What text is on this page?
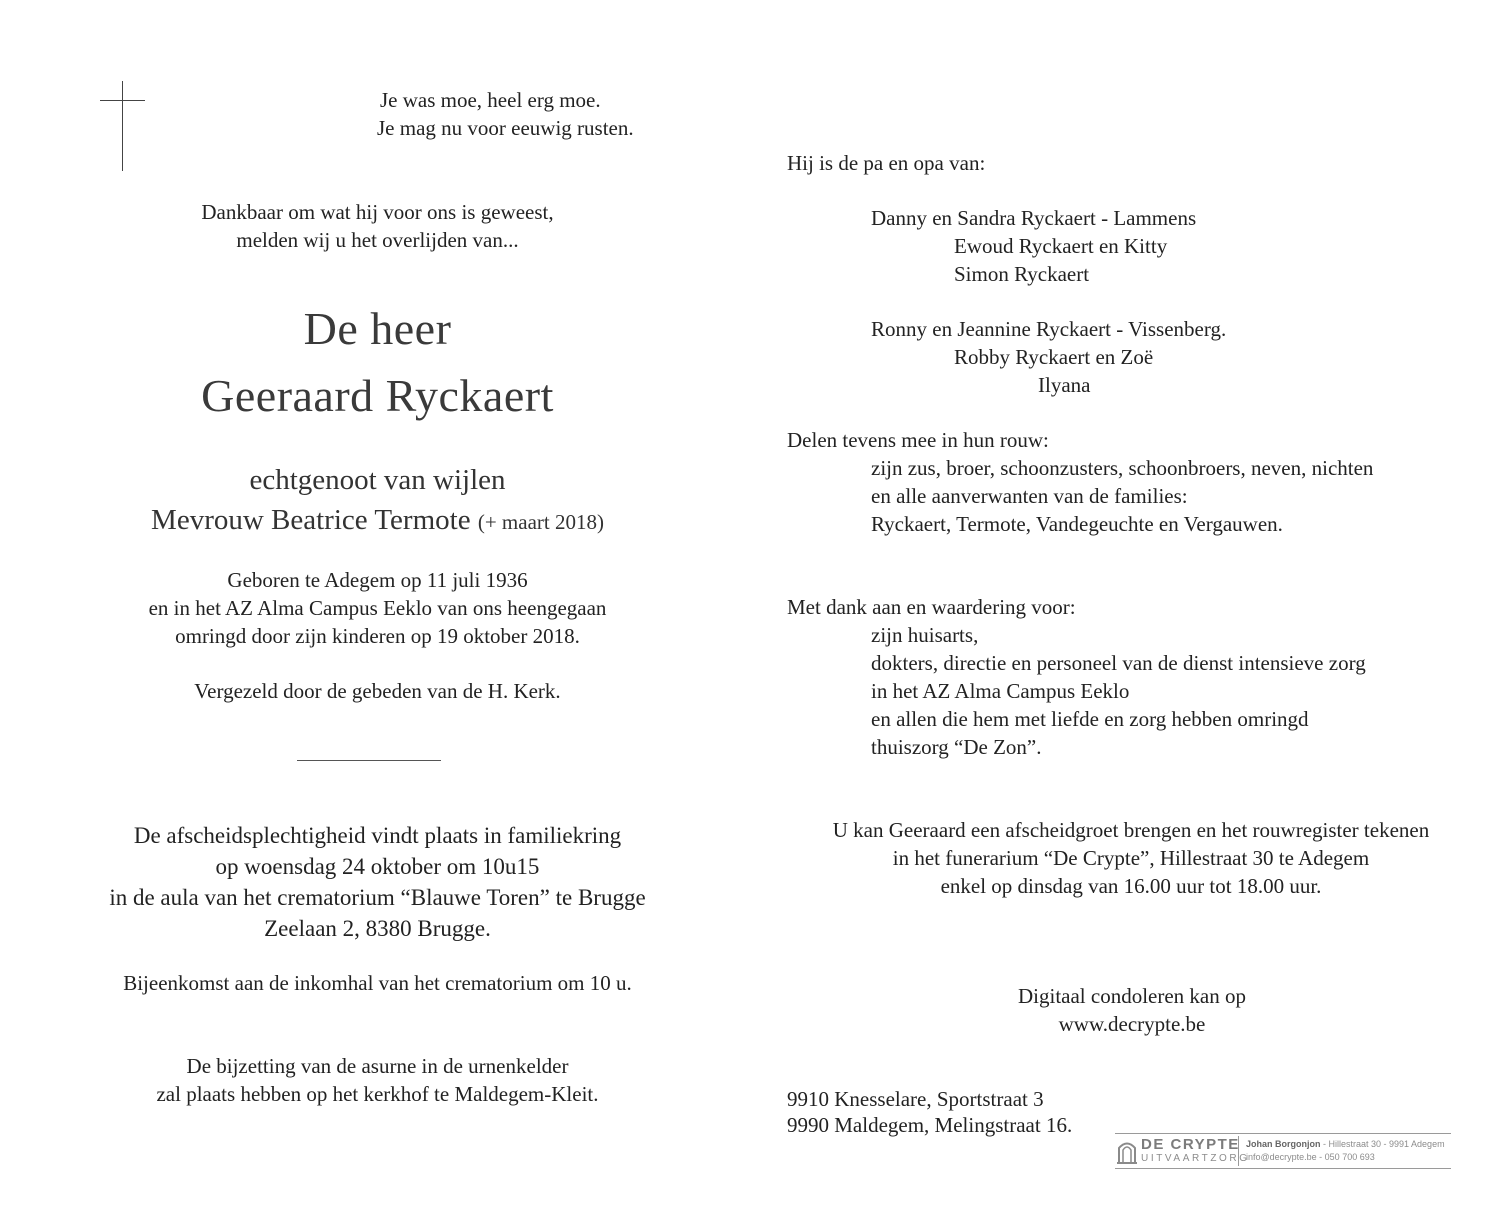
Je was moe, heel erg moe.
Je mag nu voor eeuwig rusten.
Dankbaar om wat hij voor ons is geweest,
melden wij u het overlijden van...
De heer
Geeraard Ryckaert
echtgenoot van wijlen
Mevrouw Beatrice Termote (+ maart 2018)
Geboren te Adegem op 11 juli 1936
en in het AZ Alma Campus Eeklo van ons heengegaan
omringd door zijn kinderen op 19 oktober 2018.
Vergezeld door de gebeden van de H. Kerk.
De afscheidsplechtigheid vindt plaats in familiekring
op woensdag 24 oktober om 10u15
in de aula van het crematorium “Blauwe Toren” te Brugge
Zeelaan 2, 8380 Brugge.
Bijeenkomst aan de inkomhal van het crematorium om 10 u.
De bijzetting van de asurne in de urnenkelder
zal plaats hebben op het kerkhof te Maldegem-Kleit.
Hij is de pa en opa van:
Danny en Sandra Ryckaert - Lammens
Ewoud Ryckaert en Kitty
Simon Ryckaert
Ronny en Jeannine Ryckaert - Vissenberg.
Robby Ryckaert en Zoë
Ilyana
Delen tevens mee in hun rouw:
zijn zus, broer, schoonzusters, schoonbroers, neven, nichten
en alle aanverwanten van de families:
Ryckaert, Termote, Vandegeuchte en Vergauwen.
Met dank aan en waardering voor:
zijn huisarts,
dokters, directie en personeel van de dienst intensieve zorg
in het AZ Alma Campus Eeklo
en allen die hem met liefde en zorg hebben omringd
thuiszorg “De Zon”.
U kan Geeraard een afscheidgroet brengen en het rouwregister tekenen
in het funerarium “De Crypte”, Hillestraat 30 te Adegem
enkel op dinsdag van 16.00 uur tot 18.00 uur.
Digitaal condoleren kan op
www.decrypte.be
9910 Knesselare, Sportstraat 3
9990 Maldegem, Melingstraat 16.
DE CRYPTE
UITVAARTZORG
Johan Borgonjon - Hillestraat 30 - 9991 Adegem
info@decrypte.be - 050 700 693
